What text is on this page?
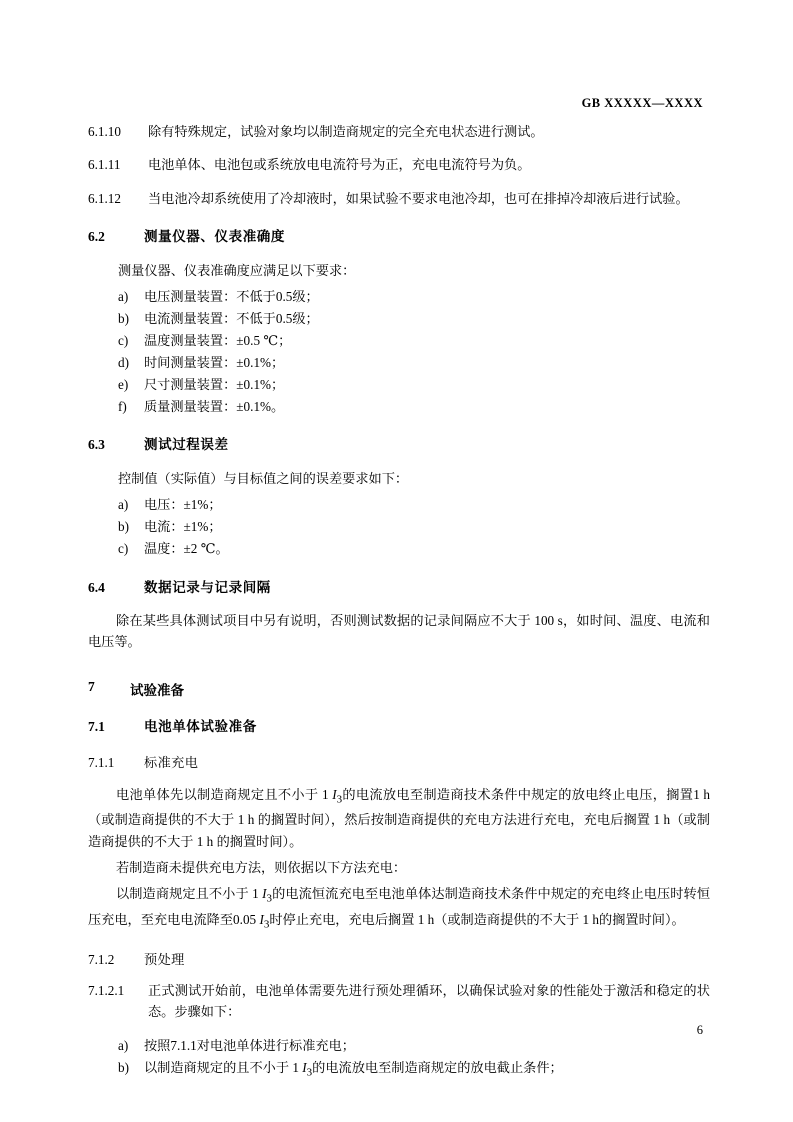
GB XXXXX—XXXX
6.1.10	除有特殊规定，试验对象均以制造商规定的完全充电状态进行测试。
6.1.11	电池单体、电池包或系统放电电流符号为正，充电电流符号为负。
6.1.12	当电池冷却系统使用了冷却液时，如果试验不要求电池冷却，也可在排掉冷却液后进行试验。
6.2	测量仪器、仪表准确度

测量仪器、仪表准确度应满足以下要求：

a)	电压测量装置：不低于0.5级；
b)	电流测量装置：不低于0.5级；
c)	温度测量装置：±0.5 ℃；
d)	时间测量装置：±0.1%；
e)	尺寸测量装置：±0.1%；
f)	质量测量装置：±0.1%。
6.3	测试过程误差

控制值（实际值）与目标值之间的误差要求如下：

a)	电压：±1%；
b)	电流：±1%；
c)	温度：±2 ℃。
6.4	数据记录与记录间隔

除在某些具体测试项目中另有说明，否则测试数据的记录间隔应不大于 100 s，如时间、温度、电流和电压等。

7	试验准备
7.1	电池单体试验准备
7.1.1	标准充电

电池单体先以制造商规定且不小于 1 $I_3$的电流放电至制造商技术条件中规定的放电终止电压，搁置1 h（或制造商提供的不大于 1 h 的搁置时间），然后按制造商提供的充电方法进行充电，充电后搁置 1 h（或制造商提供的不大于 1 h 的搁置时间）。

若制造商未提供充电方法，则依据以下方法充电：

以制造商规定且不小于 1 $I_3$的电流恒流充电至电池单体达制造商技术条件中规定的充电终止电压时转恒压充电，至充电电流降至0.05 $I_3$时停止充电，充电后搁置 1 h（或制造商提供的不大于 1 h的搁置时间）。

7.1.2	预处理
7.1.2.1	正式测试开始前，电池单体需要先进行预处理循环，以确保试验对象的性能处于激活和稳定的状态。步骤如下：
a)	按照7.1.1对电池单体进行标准充电；
b)	以制造商规定的且不小于 1 $I_3$的电流放电至制造商规定的放电截止条件；
6
